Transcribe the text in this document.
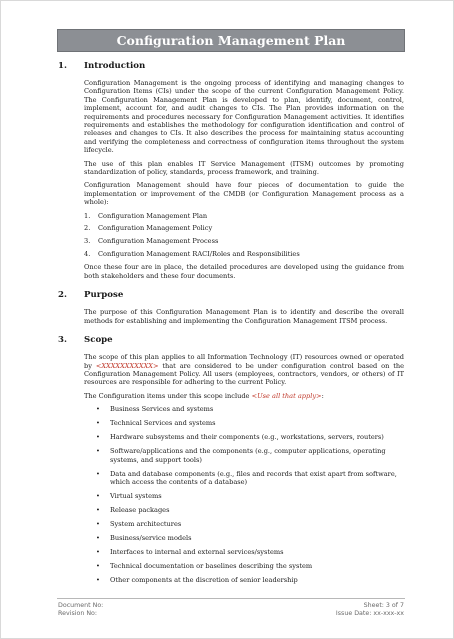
Configuration Management Plan
1.	Introduction

Configuration Management is the ongoing process of identifying and managing changes to Configuration Items (CIs) under the scope of the current Configuration Management Policy. The Configuration Management Plan is developed to plan, identify, document, control, implement, account for, and audit changes to CIs. The Plan provides information on the requirements and procedures necessary for Configuration Management activities. It identifies requirements and establishes the methodology for configuration identification and control of releases and changes to CIs. It also describes the process for maintaining status accounting and verifying the completeness and correctness of configuration items throughout the system lifecycle.

The use of this plan enables IT Service Management (ITSM) outcomes by promoting standardization of policy, standards, process framework, and training.

Configuration Management should have four pieces of documentation to guide the implementation or improvement of the CMDB (or Configuration Management process as a whole):

1.	Configuration Management Plan
2.	Configuration Management Policy
3.	Configuration Management Process
4.	Configuration Management RACI/Roles and Responsibilities

Once these four are in place, the detailed procedures are developed using the guidance from both stakeholders and these four documents.

2.	Purpose

The purpose of this Configuration Management Plan is to identify and describe the overall methods for establishing and implementing the Configuration Management ITSM process.

3.	Scope

The scope of this plan applies to all Information Technology (IT) resources owned or operated by <XXXXXXXXXXX> that are considered to be under configuration control based on the Configuration Management Policy. All users (employees, contractors, vendors, or others) of IT resources are responsible for adhering to the current Policy.

The Configuration items under this scope include <Use all that apply>:

•	Business Services and systems
•	Technical Services and systems
•	Hardware subsystems and their components (e.g., workstations, servers, routers)
•	Software/applications and the components (e.g., computer applications, operating systems, and support tools)
•	Data and database components (e.g., files and records that exist apart from software, which access the contents of a database)
•	Virtual systems
•	Release packages
•	System architectures
•	Business/service models
•	Interfaces to internal and external services/systems
•	Technical documentation or baselines describing the system
•	Other components at the discretion of senior leadership
Document No:	Sheet: 3 of 7
Revision No:	Issue Date: xx-xxx-xx
